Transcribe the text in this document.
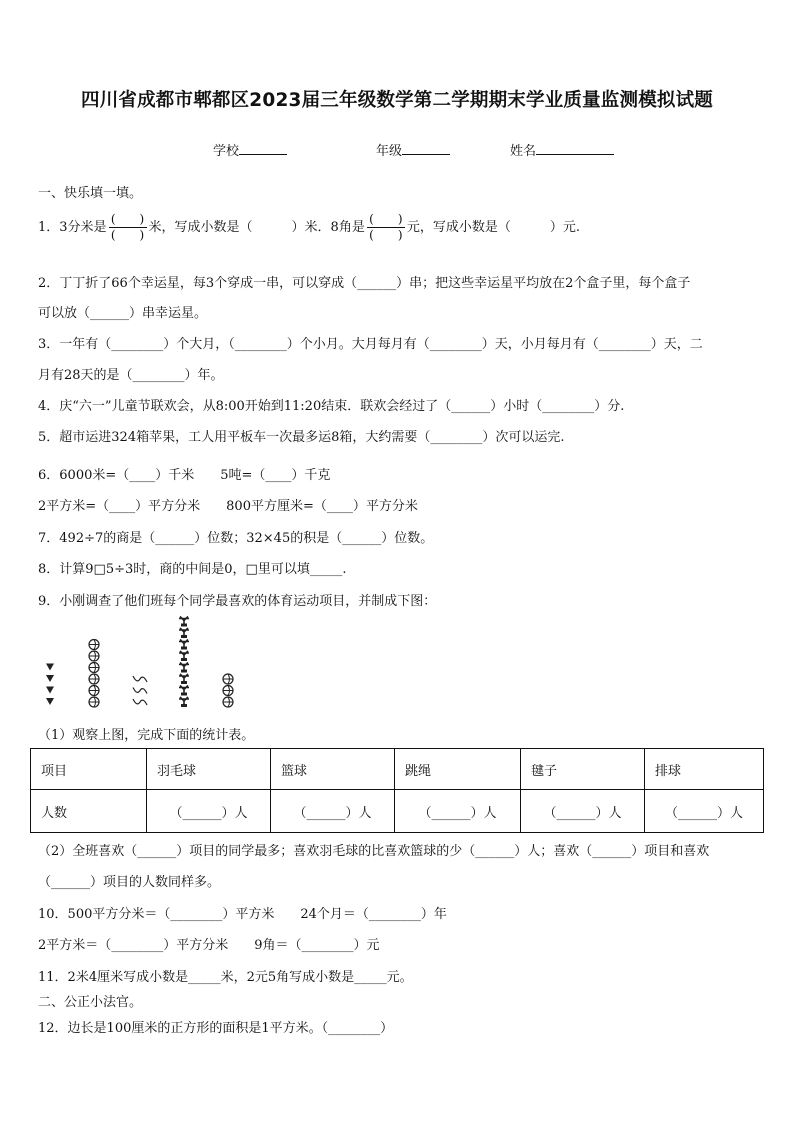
四川省成都市郫都区2023届三年级数学第二学期期末学业质量监测模拟试题
学校	年级	姓名
一、快乐填一填。
1．3分米是 $\frac{( )}{( )}$ 米，写成小数是（　　　）米．8角是 $\frac{( )}{( )}$ 元，写成小数是（　　　）元.
2．丁丁折了66个幸运星，每3个穿成一串，可以穿成（______）串；把这些幸运星平均放在2个盒子里，每个盒子
可以放（______）串幸运星。
3．一年有（________）个大月，（________）个小月。大月每月有（________）天，小月每月有（________）天，二
月有28天的是（________）年。
4．庆“六一”儿童节联欢会，从8:00开始到11:20结束．联欢会经过了（______）小时（________）分.
5．超市运进324箱苹果，工人用平板车一次最多运8箱，大约需要（________）次可以运完.
6．6000米=（____）千米　　5吨=（____）千克
2平方米=（____）平方分米　　800平方厘米=（____）平方分米
7．492÷7的商是（______）位数；32×45的积是（______）位数。
8．计算9□5÷3时，商的中间是0，□里可以填_____.
9．小刚调查了他们班每个同学最喜欢的体育运动项目，并制成下图：
（1）观察上图，完成下面的统计表。
项目	羽毛球	篮球	跳绳	毽子	排球
人数	（______）人	（______）人	（______）人	（______）人	（______）人
（2）全班喜欢（______）项目的同学最多；喜欢羽毛球的比喜欢篮球的少（______）人；喜欢（______）项目和喜欢
（______）项目的人数同样多。
10．500平方分米＝（________）平方米　　24个月＝（________）年
2平方米＝（________）平方分米　　9角＝（________）元
11．2米4厘米写成小数是_____米，2元5角写成小数是_____元。
二、公正小法官。
12．边长是100厘米的正方形的面积是1平方米。（________）
